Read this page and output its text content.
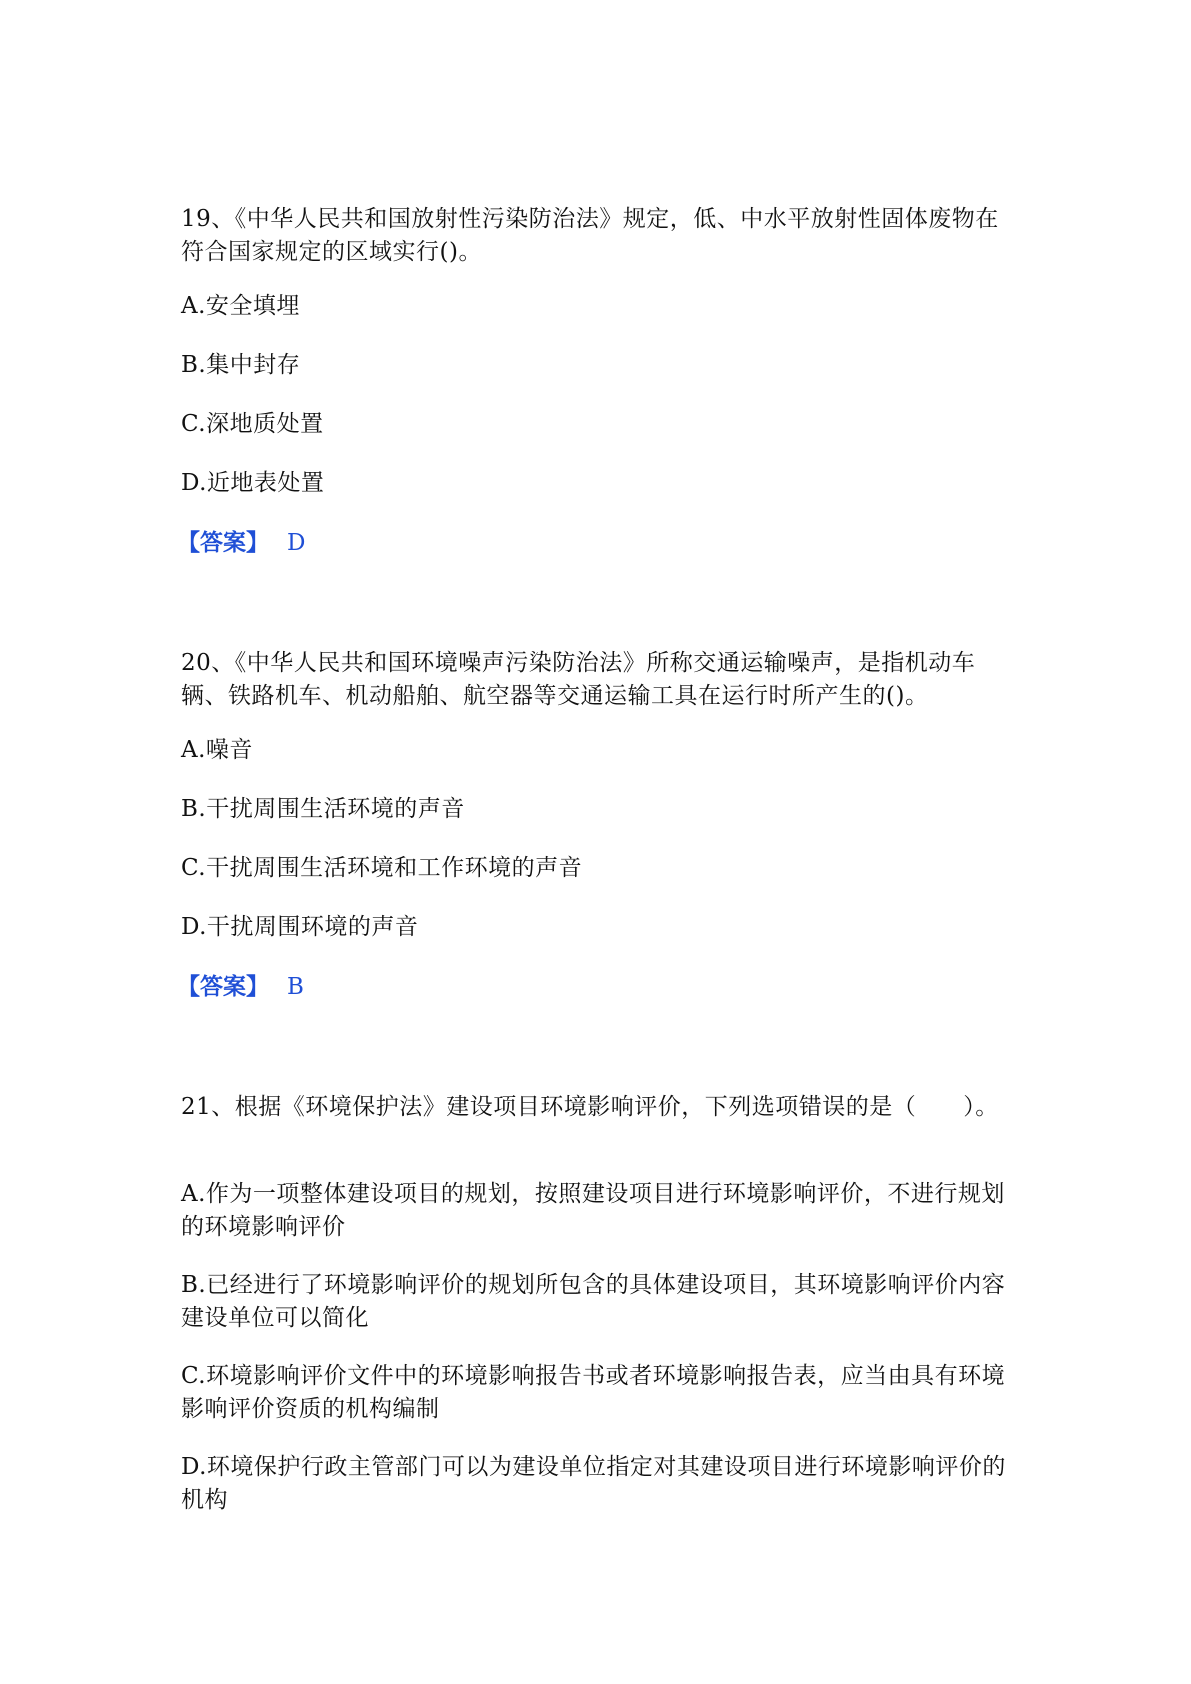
19、《中华人民共和国放射性污染防治法》规定，低、中水平放射性固体废物在符合国家规定的区域实行()。

A.安全填埋

B.集中封存

C.深地质处置

D.近地表处置

【答案】 D

20、《中华人民共和国环境噪声污染防治法》所称交通运输噪声，是指机动车辆、铁路机车、机动船舶、航空器等交通运输工具在运行时所产生的()。

A.噪音

B.干扰周围生活环境的声音

C.干扰周围生活环境和工作环境的声音

D.干扰周围环境的声音

【答案】 B

21、根据《环境保护法》建设项目环境影响评价，下列选项错误的是（　　）。

A.作为一项整体建设项目的规划，按照建设项目进行环境影响评价，不进行规划的环境影响评价

B.已经进行了环境影响评价的规划所包含的具体建设项目，其环境影响评价内容建设单位可以简化

C.环境影响评价文件中的环境影响报告书或者环境影响报告表，应当由具有环境影响评价资质的机构编制

D.环境保护行政主管部门可以为建设单位指定对其建设项目进行环境影响评价的机构
